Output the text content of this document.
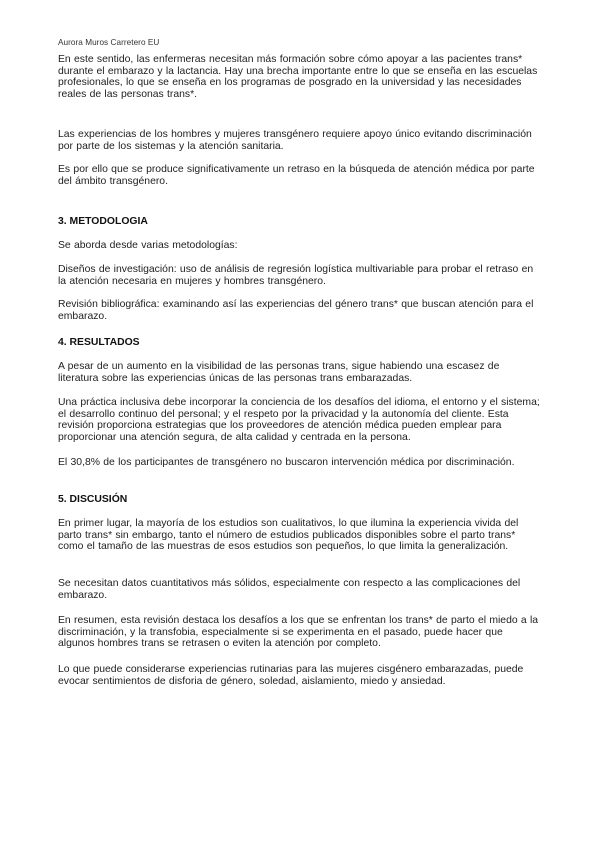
Aurora Muros Carretero EU

En este sentido, las enfermeras necesitan más formación sobre cómo apoyar a las pacientes trans* durante el embarazo y la lactancia. Hay una brecha importante entre lo que se enseña en las escuelas profesionales, lo que se enseña en los programas de posgrado en la universidad y las necesidades reales de las personas trans*.

Las experiencias de los hombres y mujeres transgénero requiere apoyo único evitando discriminación por parte de los sistemas y la atención sanitaria.

Es por ello que se produce significativamente un retraso en la búsqueda de atención médica por parte del ámbito transgénero.

3. METODOLOGIA

Se aborda desde varias metodologías:

Diseños de investigación: uso de análisis de regresión logística multivariable para probar el retraso en la atención necesaria en mujeres y hombres transgénero.

Revisión bibliográfica: examinando así las experiencias del género trans* que buscan atención para el embarazo.

4. RESULTADOS

A pesar de un aumento en la visibilidad de las personas trans, sigue habiendo una escasez de literatura sobre las experiencias únicas de las personas trans embarazadas.

Una práctica inclusiva debe incorporar la conciencia de los desafíos del idioma, el entorno y el sistema; el desarrollo continuo del personal; y el respeto por la privacidad y la autonomía del cliente. Esta revisión proporciona estrategias que los proveedores de atención médica pueden emplear para proporcionar una atención segura, de alta calidad y centrada en la persona.

El 30,8% de los participantes de transgénero no buscaron intervención médica por discriminación.

5. DISCUSIÓN

En primer lugar, la mayoría de los estudios son cualitativos, lo que ilumina la experiencia vivida del parto trans* sin embargo, tanto el número de estudios publicados disponibles sobre el parto trans* como el tamaño de las muestras de esos estudios son pequeños, lo que limita la generalización.

Se necesitan datos cuantitativos más sólidos, especialmente con respecto a las complicaciones del embarazo.

En resumen, esta revisión destaca los desafíos a los que se enfrentan los trans* de parto el miedo a la discriminación, y la transfobia, especialmente si se experimenta en el pasado, puede hacer que algunos hombres trans se retrasen o eviten la atención por completo.

Lo que puede considerarse experiencias rutinarias para las mujeres cisgénero embarazadas, puede evocar sentimientos de disforia de género, soledad, aislamiento, miedo y ansiedad.
